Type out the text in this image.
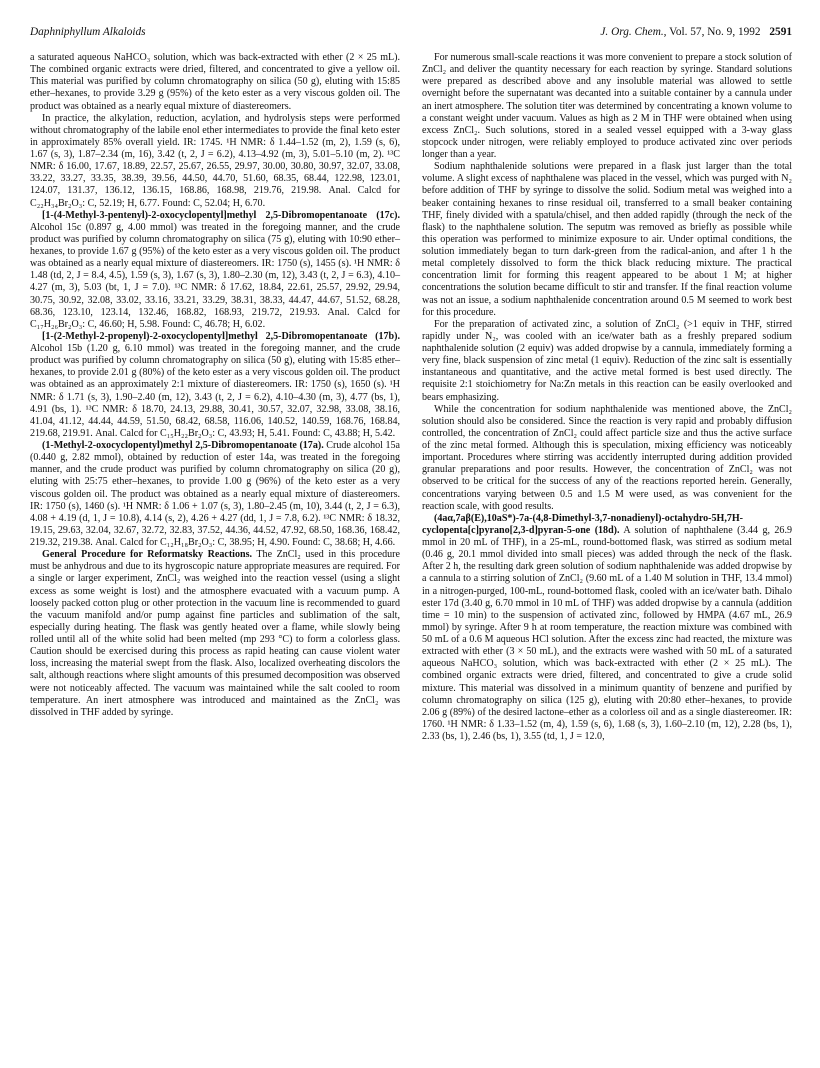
Daphniphyllum Alkaloids	J. Org. Chem., Vol. 57, No. 9, 1992 2591

a saturated aqueous NaHCO₃ solution, which was back-extracted with ether (2 × 25 mL). The combined organic extracts were dried, filtered, and concentrated to give a yellow oil. This material was purified by column chromatography on silica (50 g), eluting with 15:85 ether–hexanes, to provide 3.29 g (95%) of the keto ester as a very viscous golden oil. The product was obtained as a nearly equal mixture of diastereomers.

In practice, the alkylation, reduction, acylation, and hydrolysis steps were performed without chromatography of the labile enol ether intermediates to provide the final keto ester in approximately 85% overall yield. IR: 1745. ¹H NMR: δ 1.44–1.52 (m, 2), 1.59 (s, 6), 1.67 (s, 3), 1.87–2.34 (m, 16), 3.42 (t, 2, J = 6.2), 4.13–4.92 (m, 3), 5.01–5.10 (m, 2). ¹³C NMR: δ 16.00, 17.67, 18.89, 22.57, 25.67, 26.55, 29.97, 30.00, 30.80, 30.97, 32.07, 33.08, 33.22, 33.27, 33.35, 38.39, 39.56, 44.50, 44.70, 51.60, 68.35, 68.44, 122.98, 123.01, 124.07, 131.37, 136.12, 136.15, 168.86, 168.98, 219.76, 219.98. Anal. Calcd for C₂₂H₃₄Br₂O₃: C, 52.19; H, 6.77. Found: C, 52.04; H, 6.70.

[1-(4-Methyl-3-pentenyl)-2-oxocyclopentyl]methyl 2,5-Dibromopentanoate (17c). Alcohol 15c (0.897 g, 4.00 mmol) was treated in the foregoing manner, and the crude product was purified by column chromatography on silica (75 g), eluting with 10:90 ether–hexanes, to provide 1.67 g (95%) of the keto ester as a very viscous golden oil. The product was obtained as a nearly equal mixture of diastereomers. IR: 1750 (s), 1455 (s). ¹H NMR: δ 1.48 (td, 2, J = 8.4, 4.5), 1.59 (s, 3), 1.67 (s, 3), 1.80–2.30 (m, 12), 3.43 (t, 2, J = 6.3), 4.10–4.27 (m, 3), 5.03 (bt, 1, J = 7.0). ¹³C NMR: δ 17.62, 18.84, 22.61, 25.57, 29.92, 29.94, 30.75, 30.92, 32.08, 33.02, 33.16, 33.21, 33.29, 38.31, 38.33, 44.47, 44.67, 51.52, 68.28, 68.36, 123.10, 123.14, 132.46, 168.82, 168.93, 219.72, 219.93. Anal. Calcd for C₁₇H₂₆Br₂O₃: C, 46.60; H, 5.98. Found: C, 46.78; H, 6.02.

[1-(2-Methyl-2-propenyl)-2-oxocyclopentyl]methyl 2,5-Dibromopentanoate (17b). Alcohol 15b (1.20 g, 6.10 mmol) was treated in the foregoing manner, and the crude product was purified by column chromatography on silica (50 g), eluting with 15:85 ether–hexanes, to provide 2.01 g (80%) of the keto ester as a very viscous golden oil. The product was obtained as an approximately 2:1 mixture of diastereomers. IR: 1750 (s), 1650 (s). ¹H NMR: δ 1.71 (s, 3), 1.90–2.40 (m, 12), 3.43 (t, 2, J = 6.2), 4.10–4.30 (m, 3), 4.77 (bs, 1), 4.91 (bs, 1). ¹³C NMR: δ 18.70, 24.13, 29.88, 30.41, 30.57, 32.07, 32.98, 33.08, 38.16, 41.04, 41.12, 44.44, 44.59, 51.50, 68.42, 68.58, 116.06, 140.52, 140.59, 168.76, 168.84, 219.68, 219.91. Anal. Calcd for C₁₅H₂₂Br₂O₃: C, 43.93; H, 5.41. Found: C, 43.88; H, 5.42.

(1-Methyl-2-oxocyclopentyl)methyl 2,5-Dibromopentanoate (17a). Crude alcohol 15a (0.440 g, 2.82 mmol), obtained by reduction of ester 14a, was treated in the foregoing manner, and the crude product was purified by column chromatography on silica (20 g), eluting with 25:75 ether–hexanes, to provide 1.00 g (96%) of the keto ester as a very viscous golden oil. The product was obtained as a nearly equal mixture of diastereomers. IR: 1750 (s), 1460 (s). ¹H NMR: δ 1.06 + 1.07 (s, 3), 1.80–2.45 (m, 10), 3.44 (t, 2, J = 6.3), 4.08 + 4.19 (d, 1, J = 10.8), 4.14 (s, 2), 4.26 + 4.27 (dd, 1, J = 7.8, 6.2). ¹³C NMR: δ 18.32, 19.15, 29.63, 32.04, 32.67, 32.72, 32.83, 37.52, 44.36, 44.52, 47.92, 68.50, 168.36, 168.42, 219.32, 219.38. Anal. Calcd for C₁₂H₁₈Br₂O₃: C, 38.95; H, 4.90. Found: C, 38.68; H, 4.66.

General Procedure for Reformatsky Reactions. The ZnCl₂ used in this procedure must be anhydrous and due to its hygroscopic nature appropriate measures are required. For a single or larger experiment, ZnCl₂ was weighed into the reaction vessel (using a slight excess as some weight is lost) and the atmosphere evacuated with a vacuum pump. A loosely packed cotton plug or other protection in the vacuum line is recommended to guard the vacuum manifold and/or pump against fine particles and sublimation of the salt, especially during heating. The flask was gently heated over a flame, while slowly being rolled until all of the white solid had been melted (mp 293 °C) to form a colorless glass. Caution should be exercised during this process as rapid heating can cause violent water loss, increasing the material swept from the flask. Also, localized overheating discolors the salt, although reactions where slight amounts of this presumed decomposition was observed were not noticeably affected. The vacuum was maintained while the salt cooled to room temperature. An inert atmosphere was introduced and maintained as the ZnCl₂ was dissolved in THF added by syringe.

For numerous small-scale reactions it was more convenient to prepare a stock solution of ZnCl₂ and deliver the quantity necessary for each reaction by syringe. Standard solutions were prepared as described above and any insoluble material was allowed to settle overnight before the supernatant was decanted into a suitable container by a cannula under an inert atmosphere. The solution titer was determined by concentrating a known volume to a constant weight under vacuum. Values as high as 2 M in THF were obtained when using excess ZnCl₂. Such solutions, stored in a sealed vessel equipped with a 3-way glass stopcock under nitrogen, were reliably employed to produce activated zinc over periods longer than a year.

Sodium naphthalenide solutions were prepared in a flask just larger than the total volume. A slight excess of naphthalene was placed in the vessel, which was purged with N₂ before addition of THF by syringe to dissolve the solid. Sodium metal was weighed into a beaker containing hexanes to rinse residual oil, transferred to a small beaker containing THF, finely divided with a spatula/chisel, and then added rapidly (through the neck of the flask) to the naphthalene solution. The seputm was removed as briefly as possible while this operation was performed to minimize exposure to air. Under optimal conditions, the solution immediately began to turn dark-green from the radical-anion, and after 1 h the metal completely dissolved to form the thick black reducing mixture. The practical concentration limit for forming this reagent appeared to be about 1 M; at higher concentrations the solution became difficult to stir and transfer. If the final reaction volume was not an issue, a sodium naphthalenide concentration around 0.5 M seemed to work best for this procedure.

For the preparation of activated zinc, a solution of ZnCl₂ (>1 equiv in THF, stirred rapidly under N₂, was cooled with an ice/water bath as a freshly prepared sodium naphthalenide solution (2 equiv) was added dropwise by a cannula, immediately forming a very fine, black suspension of zinc metal (1 equiv). Reduction of the zinc salt is essentially instantaneous and quantitative, and the active metal formed is best used directly. The requisite 2:1 stoichiometry for Na:Zn metals in this reaction can be easily overlooked and bears emphasizing.

While the concentration for sodium naphthalenide was mentioned above, the ZnCl₂ solution should also be considered. Since the reaction is very rapid and probably diffusion controlled, the concentration of ZnCl₂ could affect particle size and thus the active surface of the zinc metal formed. Although this is speculation, mixing efficiency was noticeably important. Procedures where stirring was accidently interrupted during addition provided granular preparations and poor results. However, the concentration of ZnCl₂ was not observed to be critical for the success of any of the reactions reported herein. Generally, concentrations varying between 0.5 and 1.5 M were used, as was convenient for the reaction scale, with good results.

(4aα,7aβ(E),10aS*)-7a-(4,8-Dimethyl-3,7-nonadienyl)-octahydro-5H,7H-cyclopenta[c]pyrano[2,3-d]pyran-5-one (18d). A solution of naphthalene (3.44 g, 26.9 mmol in 20 mL of THF), in a 25-mL, round-bottomed flask, was stirred as sodium metal (0.46 g, 20.1 mmol divided into small pieces) was added through the neck of the flask. After 2 h, the resulting dark green solution of sodium naphthalenide was added dropwise by a cannula to a stirring solution of ZnCl₂ (9.60 mL of a 1.40 M solution in THF, 13.4 mmol) in a nitrogen-purged, 100-mL, round-bottomed flask, cooled with an ice/water bath. Dihalo ester 17d (3.40 g, 6.70 mmol in 10 mL of THF) was added dropwise by a cannula (addition time = 10 min) to the suspension of activated zinc, followed by HMPA (4.67 mL, 26.9 mmol) by syringe. After 9 h at room temperature, the reaction mixture was combined with 50 mL of a 0.6 M aqueous HCl solution. After the excess zinc had reacted, the mixture was extracted with ether (3 × 50 mL), and the extracts were washed with 50 mL of a saturated aqueous NaHCO₃ solution, which was back-extracted with ether (2 × 25 mL). The combined organic extracts were dried, filtered, and concentrated to give a crude solid mixture. This material was dissolved in a minimum quantity of benzene and purified by column chromatography on silica (125 g), eluting with 20:80 ether–hexanes, to provide 2.06 g (89%) of the desired lactone–ether as a colorless oil and as a single diastereomer. IR: 1760. ¹H NMR: δ 1.33–1.52 (m, 4), 1.59 (s, 6), 1.68 (s, 3), 1.60–2.10 (m, 12), 2.28 (bs, 1), 2.33 (bs, 1), 2.46 (bs, 1), 3.55 (td, 1, J = 12.0,
